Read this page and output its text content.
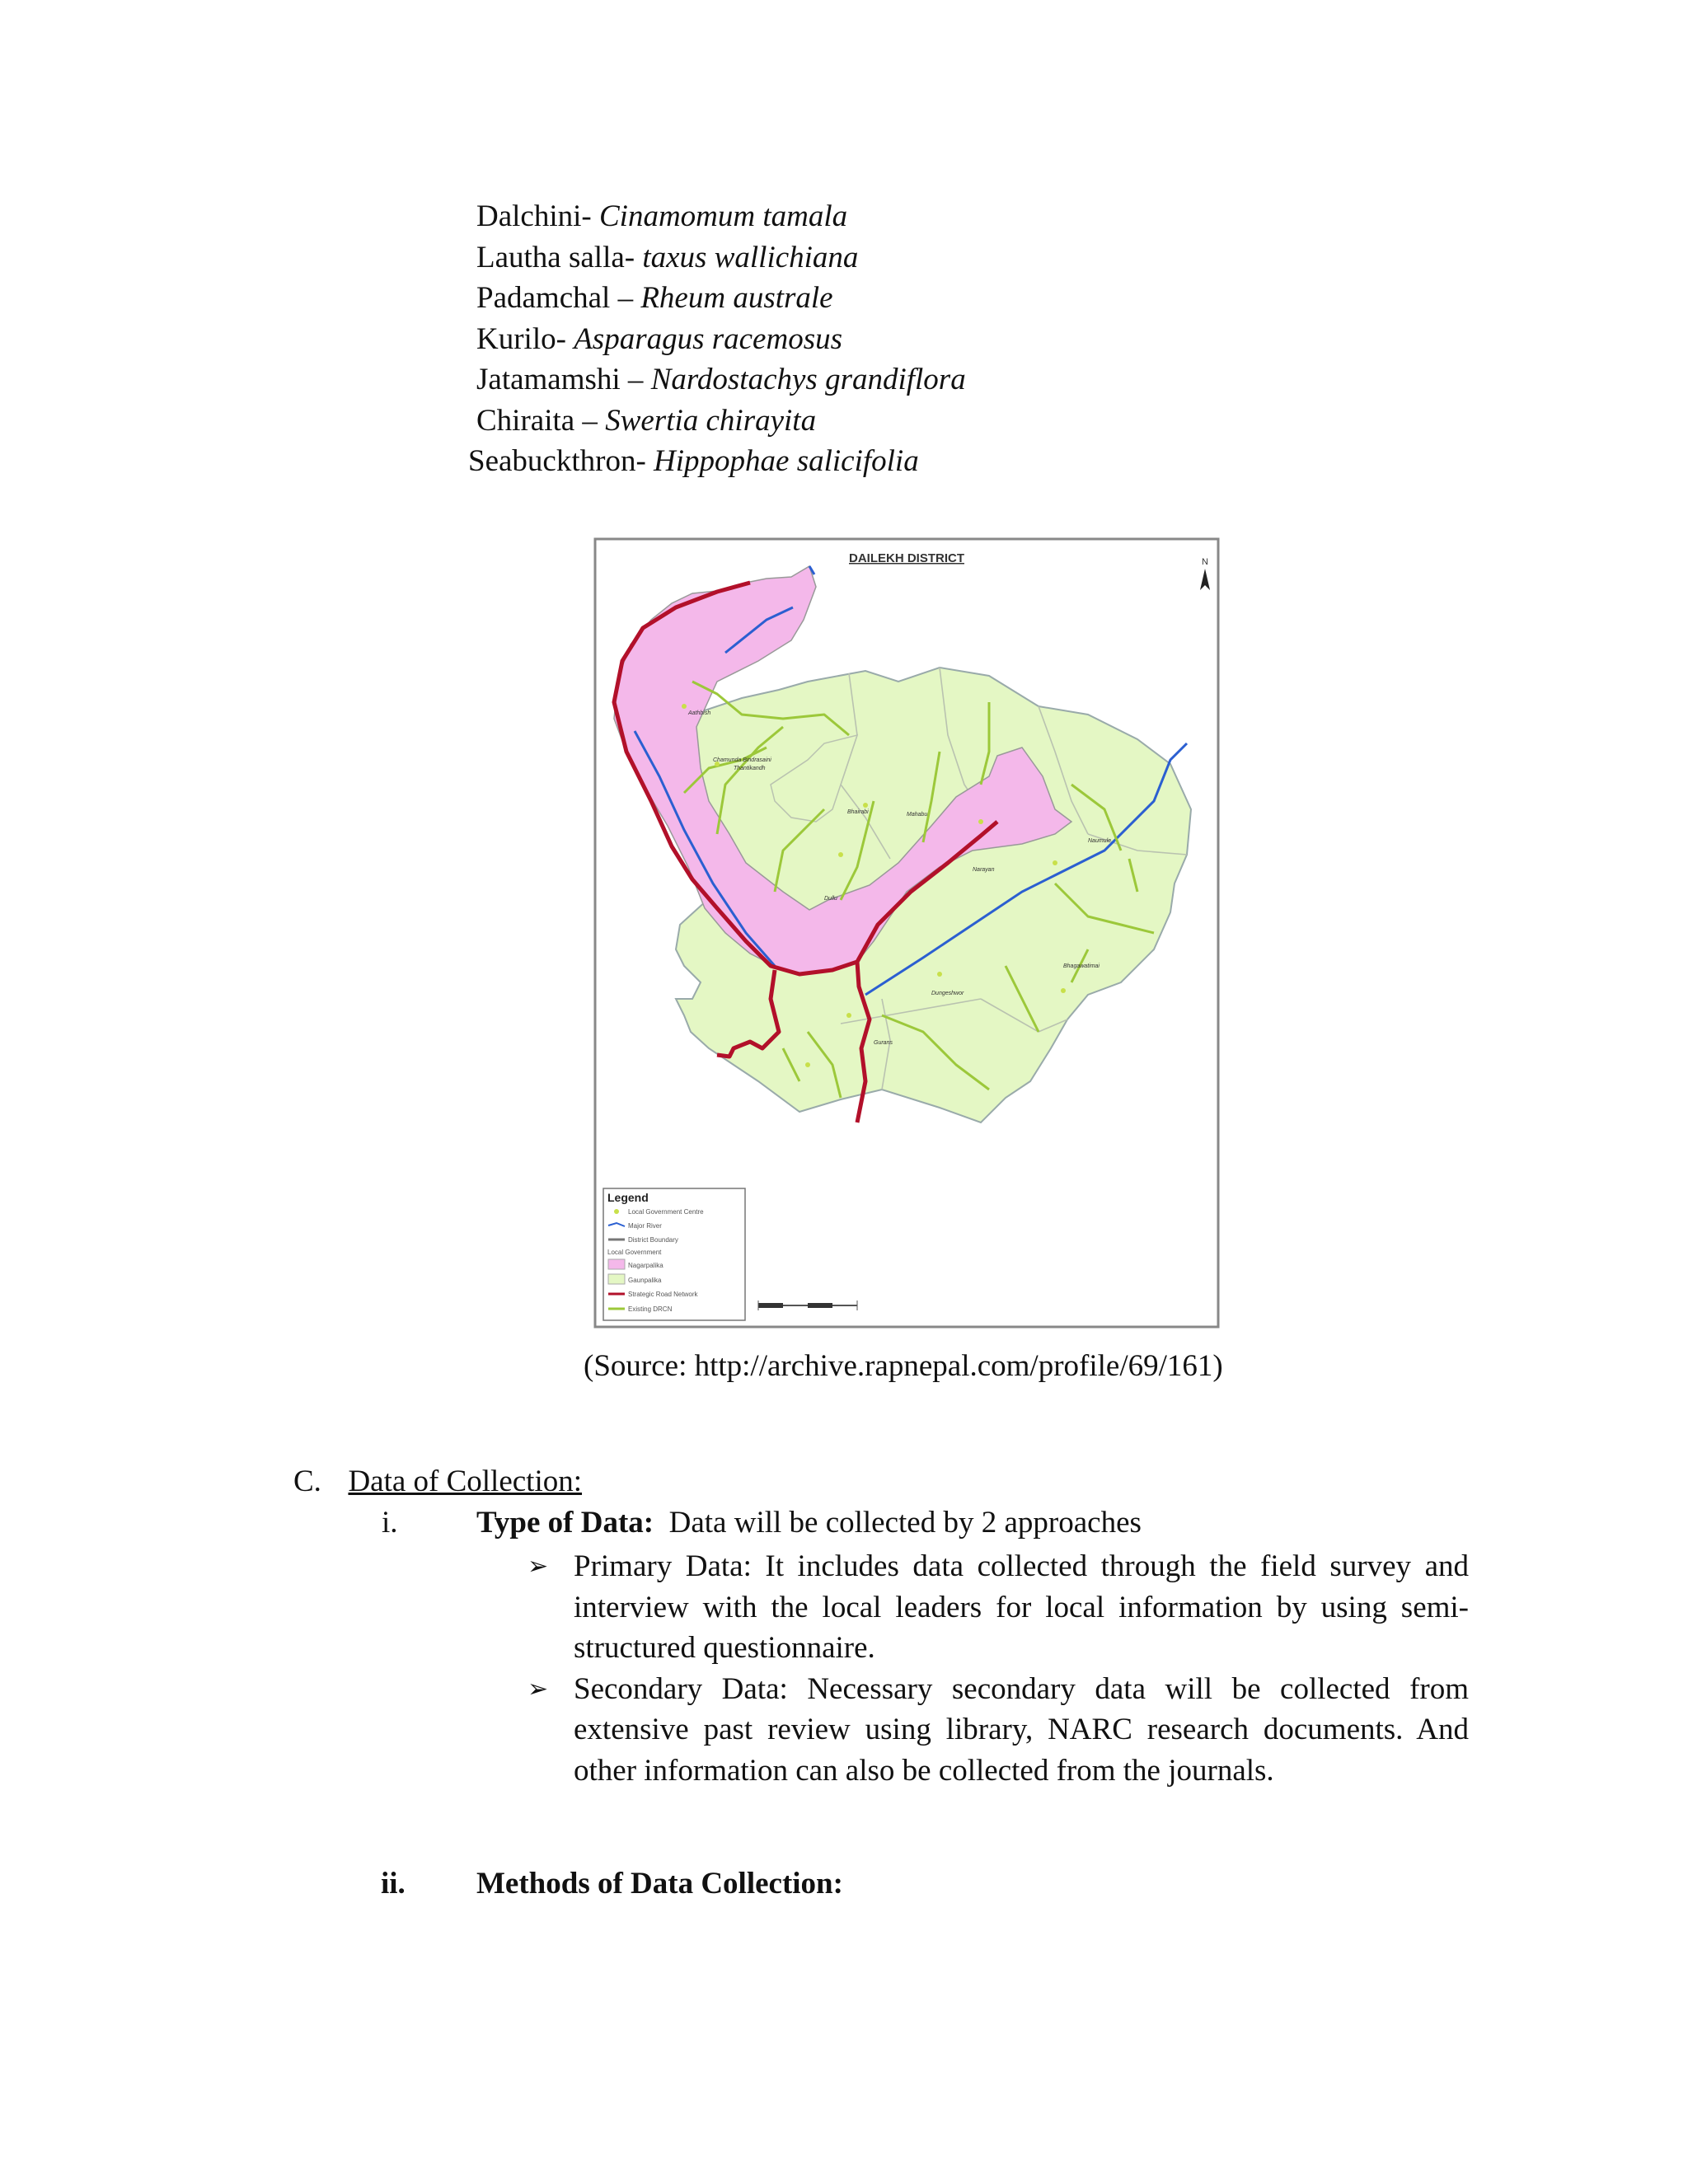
Dalchini- Cinamomum tamala
Lautha salla- taxus wallichiana
Padamchal – Rheum australe
Kurilo- Asparagus racemosus
Jatamamshi – Nardostachys grandiflora
Chiraita – Swertia chirayita
Seabuckthron- Hippophae salicifolia
DAILEKH DISTRICT	N
Aathbish
Chamunda Bindrasaini
Bhairabi	Mahabu
Naumule
Narayan
Dullu
Dungeshwor
Gurans
Thantikandh
Bhagawatimai
Legend
Local Government Centre
Major River
District Boundary
Local Government
Nagarpalika
Gaunpalika
Strategic Road Network
Existing DRCN
(Source: http://archive.rapnepal.com/profile/69/161)
C. Data of Collection:
i.	Type of Data:  Data will be collected by 2 approaches
➢ Primary Data: It includes data collected through the field survey and interview with the local leaders for local information by using semi-structured questionnaire.
➢ Secondary Data: Necessary secondary data will be collected from extensive past review using library, NARC research documents. And other information can also be collected from the journals.
ii. Methods of Data Collection:
